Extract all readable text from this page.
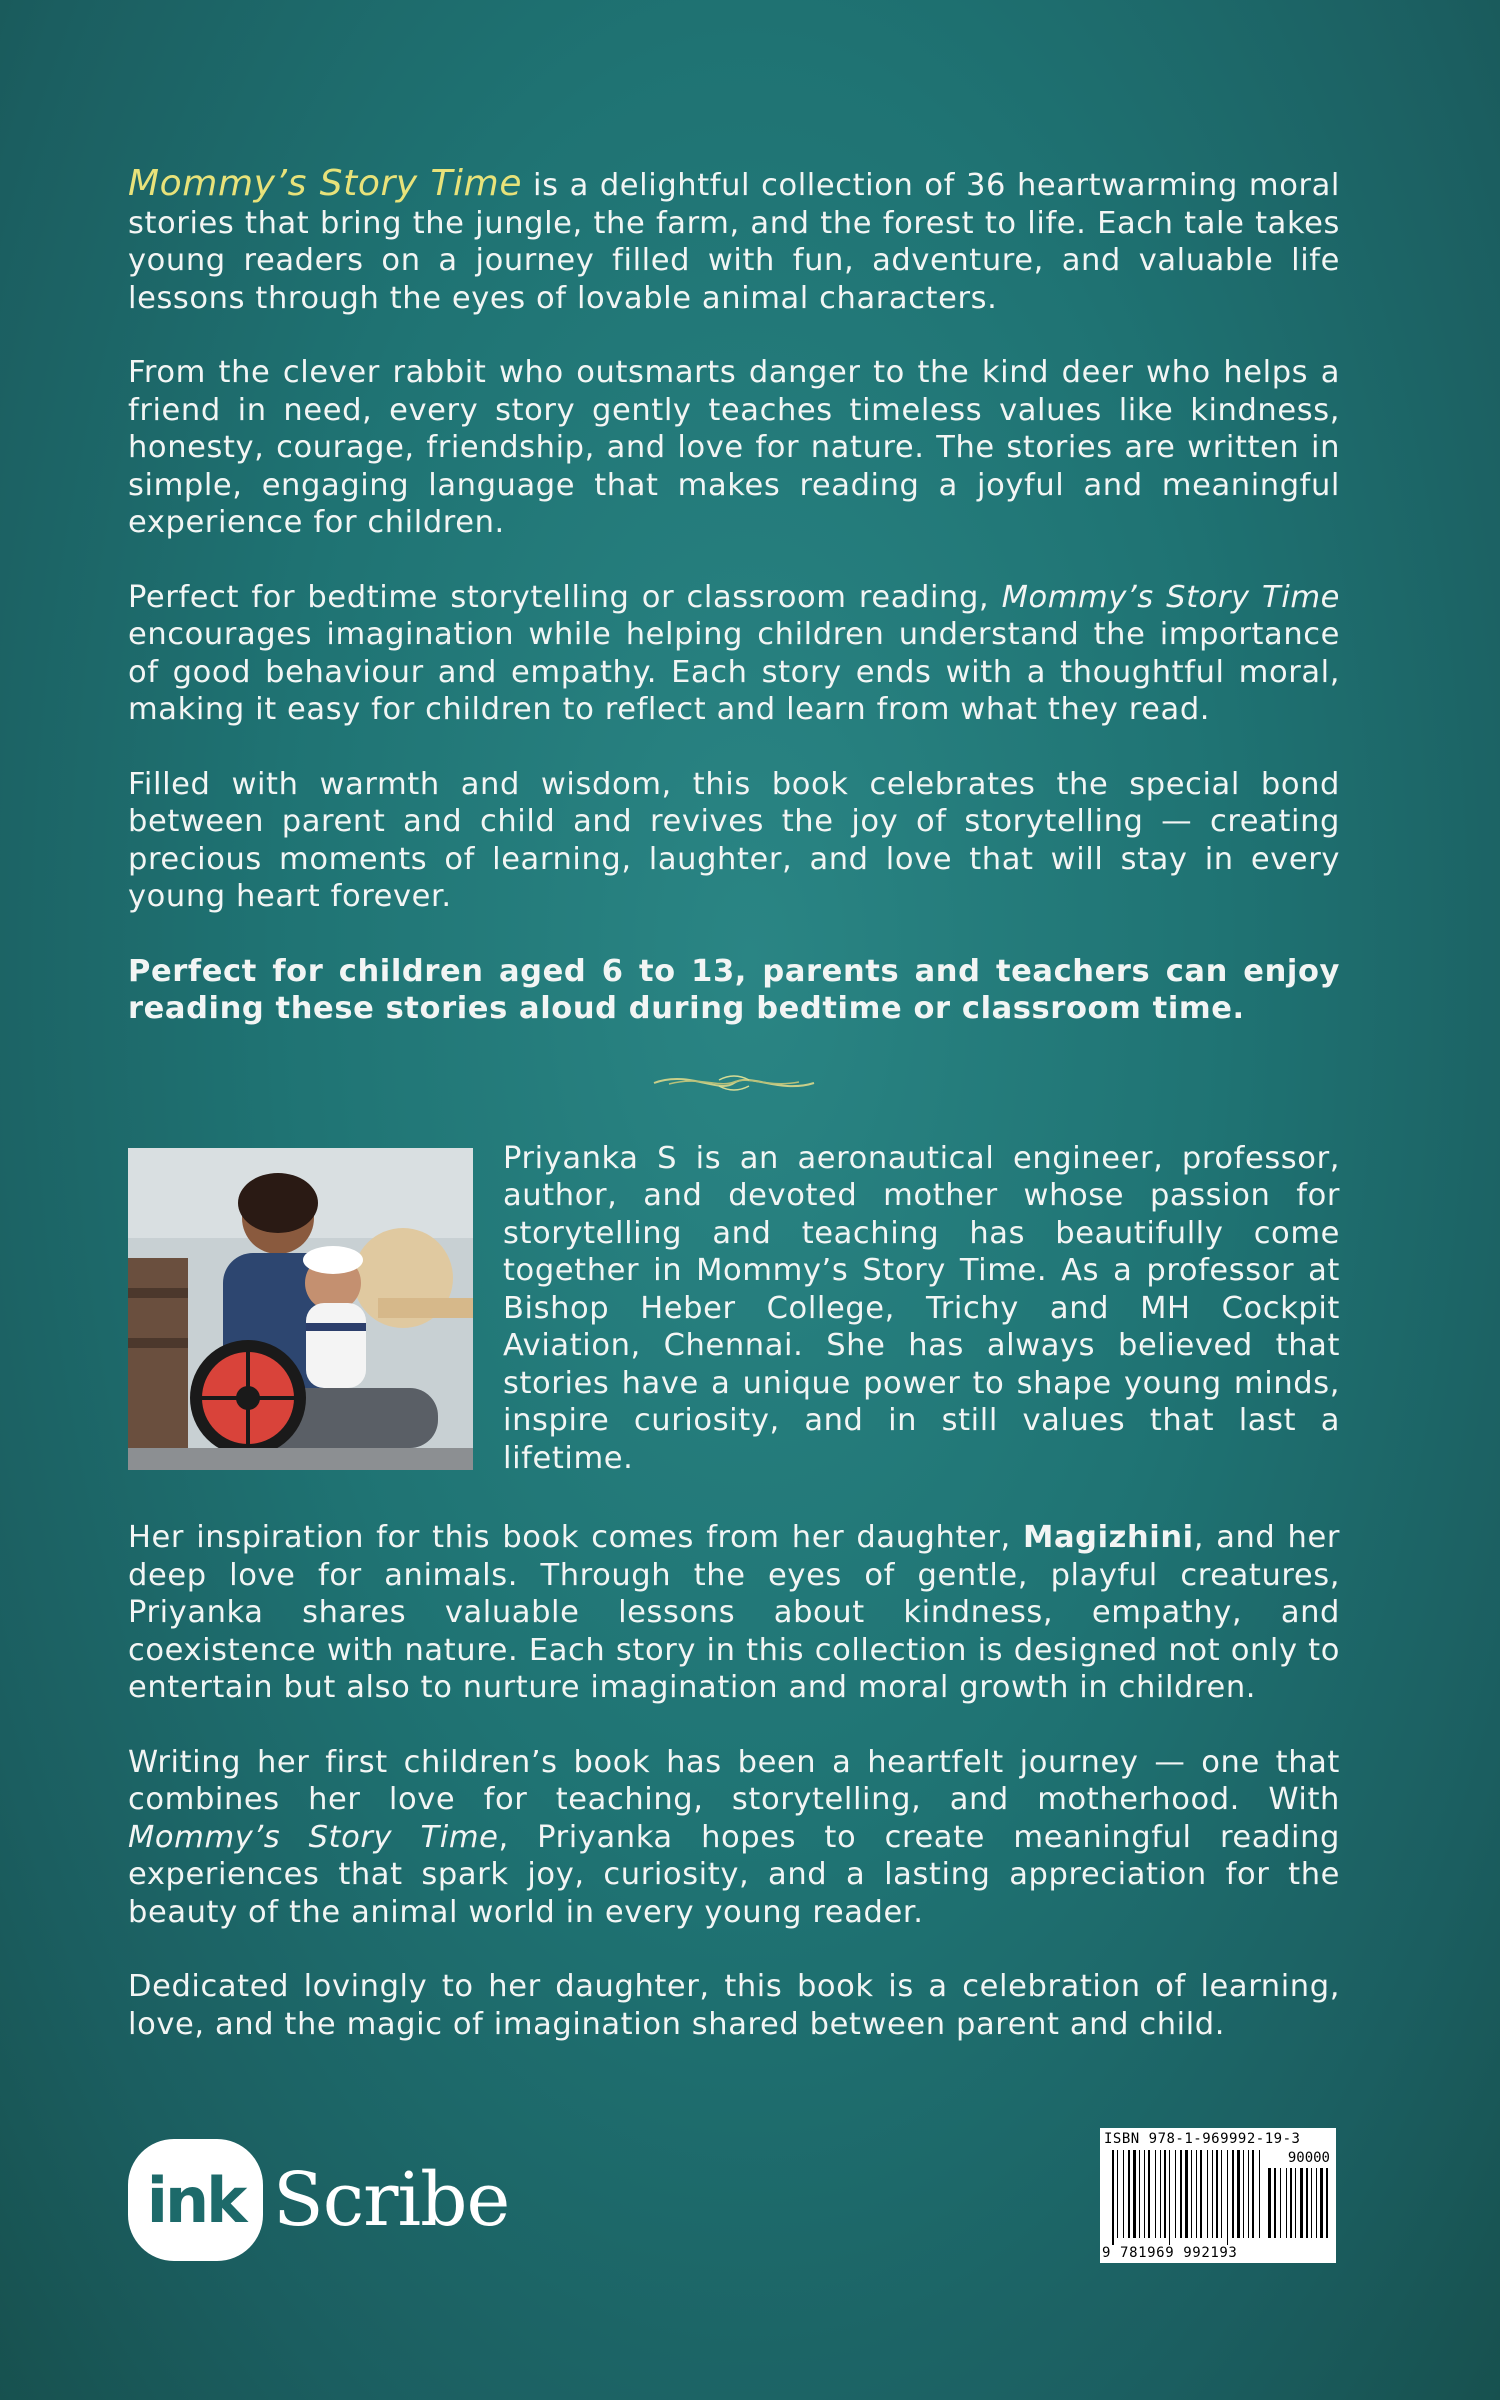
Mommy’s Story Time is a delightful collection of 36 heartwarming moral stories that bring the jungle, the farm, and the forest to life. Each tale takes young readers on a journey filled with fun, adventure, and valuable life lessons through the eyes of lovable animal characters.

From the clever rabbit who outsmarts danger to the kind deer who helps a friend in need, every story gently teaches timeless values like kindness, honesty, courage, friendship, and love for nature. The stories are written in simple, engaging language that makes reading a joyful and meaningful experience for children.

Perfect for bedtime storytelling or classroom reading, Mommy’s Story Time encourages imagination while helping children understand the importance of good behaviour and empathy. Each story ends with a thoughtful moral, making it easy for children to reflect and learn from what they read.

Filled with warmth and wisdom, this book celebrates the special bond between parent and child and revives the joy of storytelling — creating precious moments of learning, laughter, and love that will stay in every young heart forever.

Perfect for children aged 6 to 13, parents and teachers can enjoy reading these stories aloud during bedtime or classroom time.

Priyanka S is an aeronautical engineer, professor, author, and devoted mother whose passion for storytelling and teaching has beautifully come together in Mommy’s Story Time. As a professor at Bishop Heber College, Trichy and MH Cockpit Aviation, Chennai. She has always believed that stories have a unique power to shape young minds, inspire curiosity, and in still values that last a lifetime.

Her inspiration for this book comes from her daughter, Magizhini, and her deep love for animals. Through the eyes of gentle, playful creatures, Priyanka shares valuable lessons about kindness, empathy, and coexistence with nature. Each story in this collection is designed not only to entertain but also to nurture imagination and moral growth in children.

Writing her first children’s book has been a heartfelt journey — one that combines her love for teaching, storytelling, and motherhood. With Mommy’s Story Time, Priyanka hopes to create meaningful reading experiences that spark joy, curiosity, and a lasting appreciation for the beauty of the animal world in every young reader.

Dedicated lovingly to her daughter, this book is a celebration of learning, love, and the magic of imagination shared between parent and child.

ink Scribe
ISBN 978-1-969992-19-3
90000
9 781969 992193
